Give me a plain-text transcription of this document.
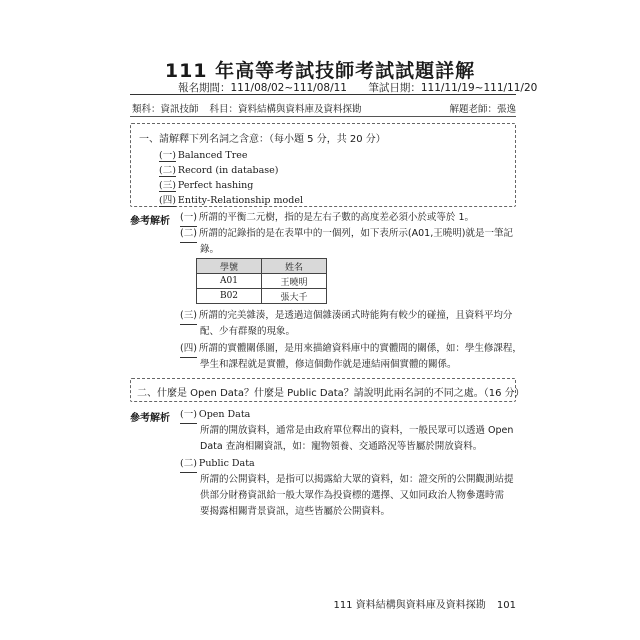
111 年高等考試技師考試試題詳解
報名期間：111/08/02~111/08/11 筆試日期：111/11/19~111/11/20
類科：資訊技師 科目：資料結構與資料庫及資料探勘	解題老師：張逸
一、請解釋下列名詞之含意：（每小題 5 分，共 20 分）
(一) Balanced Tree
(二) Record (in database)
(三) Perfect hashing
(四) Entity-Relationship model
參考解析 (一) 所謂的平衡二元樹，指的是左右子數的高度差必須小於或等於 1。
(二) 所謂的記錄指的是在表單中的一個列，如下表所示(A01,王曉明)就是一筆記
錄。
學號	姓名
A01	王曉明
B02	張大千
(三) 所謂的完美雜湊，是透過這個雜湊函式時能夠有較少的碰撞，且資料平均分
配、少有群聚的現象。
(四) 所謂的實體關係圖，是用來描繪資料庫中的實體間的關係，如：學生修課程，
學生和課程就是實體，修這個動作就是連結兩個實體的關係。
二、什麼是 Open Data？什麼是 Public Data？請說明此兩名詞的不同之處。（16 分）
參考解析 (一) Open Data
所謂的開放資料，通常是由政府單位釋出的資料，一般民眾可以透過 Open
Data 查詢相關資訊，如：寵物領養、交通路況等皆屬於開放資料。
(二) Public Data
所謂的公開資料，是指可以揭露給大眾的資料，如：證交所的公開觀測站提
供部分財務資訊給一般大眾作為投資標的選擇、又如同政治人物參選時需
要揭露相關背景資訊，這些皆屬於公開資料。
111 資料結構與資料庫及資料探勘 101
